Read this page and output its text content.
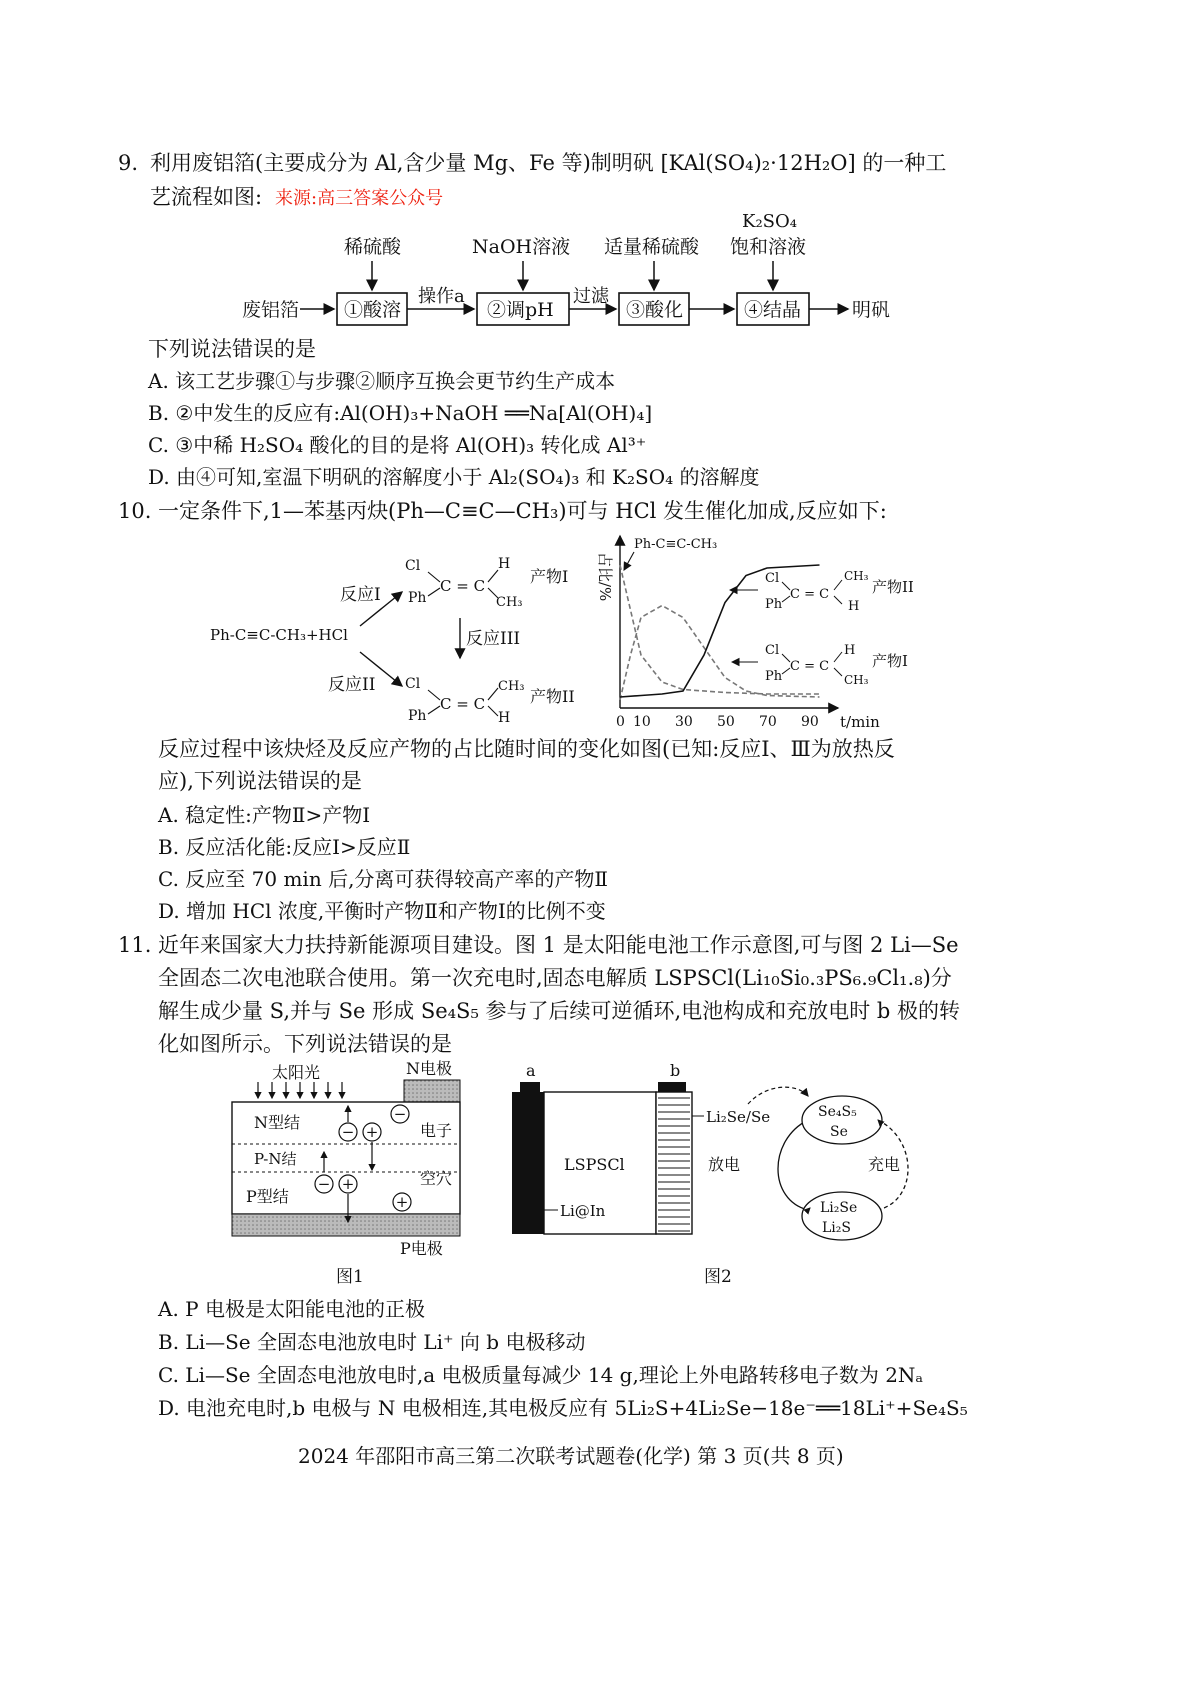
9. 利用废铝箔(主要成分为 Al,含少量 Mg、Fe 等)制明矾 [KAl(SO₄)₂·12H₂O] 的一种工
艺流程如图: 来源:高三答案公众号
废铝箔 ①酸溶
操作a
②调pH
过滤
③酸化	④结晶	明矾
稀硫酸	NaOH溶液 适量稀硫酸
K₂SO₄
饱和溶液
下列说法错误的是
A. 该工艺步骤①与步骤②顺序互换会更节约生产成本
B. ②中发生的反应有:Al(OH)₃+NaOH ══Na[Al(OH)₄]
C. ③中稀 H₂SO₄ 酸化的目的是将 Al(OH)₃ 转化成 Al³⁺
D. 由④可知,室温下明矾的溶解度小于 Al₂(SO₄)₃ 和 K₂SO₄ 的溶解度
10. 一定条件下,1—苯基丙炔(Ph—C≡C—CH₃)可与 HCl 发生催化加成,反应如下:
Ph-C≡C-CH₃+HCl
反应I
反应II
反应III
Cl
Ph
C = C
H
CH₃
产物I
Cl
Ph
C = C
CH₃
H
产物II
占比/%
t/min
0 10 30 50 70 90
Ph-C≡C-CH₃
Cl
Ph
C = C
CH₃
H
产物II
Cl
Ph
C = C
H
CH₃
产物I
反应过程中该炔烃及反应产物的占比随时间的变化如图(已知:反应Ⅰ、Ⅲ为放热反
应),下列说法错误的是
A. 稳定性:产物Ⅱ>产物Ⅰ
B. 反应活化能:反应Ⅰ>反应Ⅱ
C. 反应至 70 min 后,分离可获得较高产率的产物Ⅱ
D. 增加 HCl 浓度,平衡时产物Ⅱ和产物Ⅰ的比例不变
11. 近年来国家大力扶持新能源项目建设。图 1 是太阳能电池工作示意图,可与图 2 Li—Se
全固态二次电池联合使用。第一次充电时,固态电解质 LSPSCl(Li₁₀Si₀.₃PS₆.₉Cl₁.₈)分
解生成少量 S,并与 Se 形成 Se₄S₅ 参与了后续可逆循环,电池构成和充放电时 b 极的转
化如图所示。下列说法错误的是
太阳光	N电极
N型结
P-N结
P型结
电子
空穴
− +
−
− +
+
P电极
图1
a	b
LSPSCl
Li@In
Li₂Se/Se
放电	充电
Se₄S₅
Se
Li₂Se
Li₂S
图2
A. P 电极是太阳能电池的正极
B. Li—Se 全固态电池放电时 Li⁺ 向 b 电极移动
C. Li—Se 全固态电池放电时,a 电极质量每减少 14 g,理论上外电路转移电子数为 2Nₐ
D. 电池充电时,b 电极与 N 电极相连,其电极反应有 5Li₂S+4Li₂Se−18e⁻══18Li⁺+Se₄S₅
2024 年邵阳市高三第二次联考试题卷(化学) 第 3 页(共 8 页)
